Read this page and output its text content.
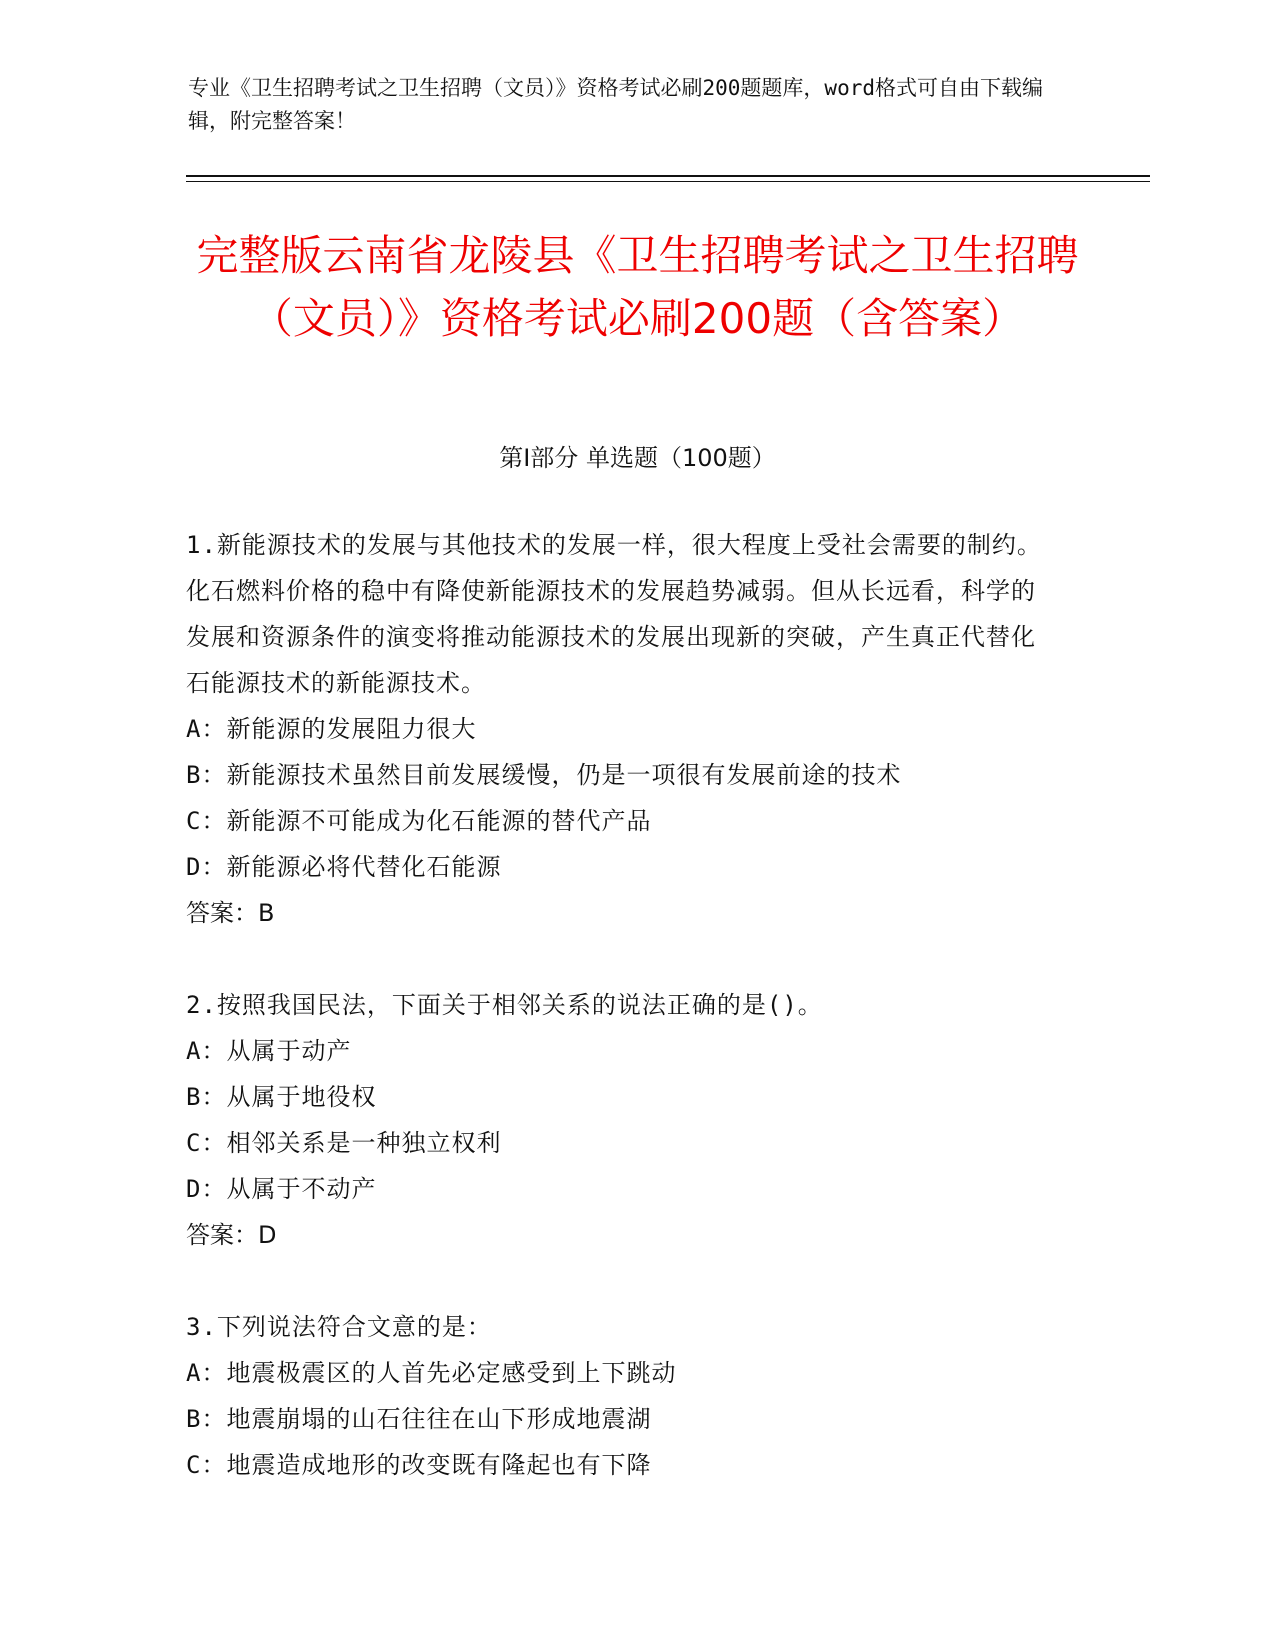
专业《卫生招聘考试之卫生招聘（文员）》资格考试必刷200题题库，word格式可自由下载编辑，附完整答案！
完整版云南省龙陵县《卫生招聘考试之卫生招聘（文员）》资格考试必刷200题（含答案）
第Ⅰ部分 单选题（100题）
1.新能源技术的发展与其他技术的发展一样，很大程度上受社会需要的制约。化石燃料价格的稳中有降使新能源技术的发展趋势减弱。但从长远看，科学的发展和资源条件的演变将推动能源技术的发展出现新的突破，产生真正代替化石能源技术的新能源技术。
A：新能源的发展阻力很大
B：新能源技术虽然目前发展缓慢，仍是一项很有发展前途的技术
C：新能源不可能成为化石能源的替代产品
D：新能源必将代替化石能源
答案：B
2.按照我国民法，下面关于相邻关系的说法正确的是()。
A：从属于动产
B：从属于地役权
C：相邻关系是一种独立权利
D：从属于不动产
答案：D
3.下列说法符合文意的是：
A：地震极震区的人首先必定感受到上下跳动
B：地震崩塌的山石往往在山下形成地震湖
C：地震造成地形的改变既有隆起也有下降
